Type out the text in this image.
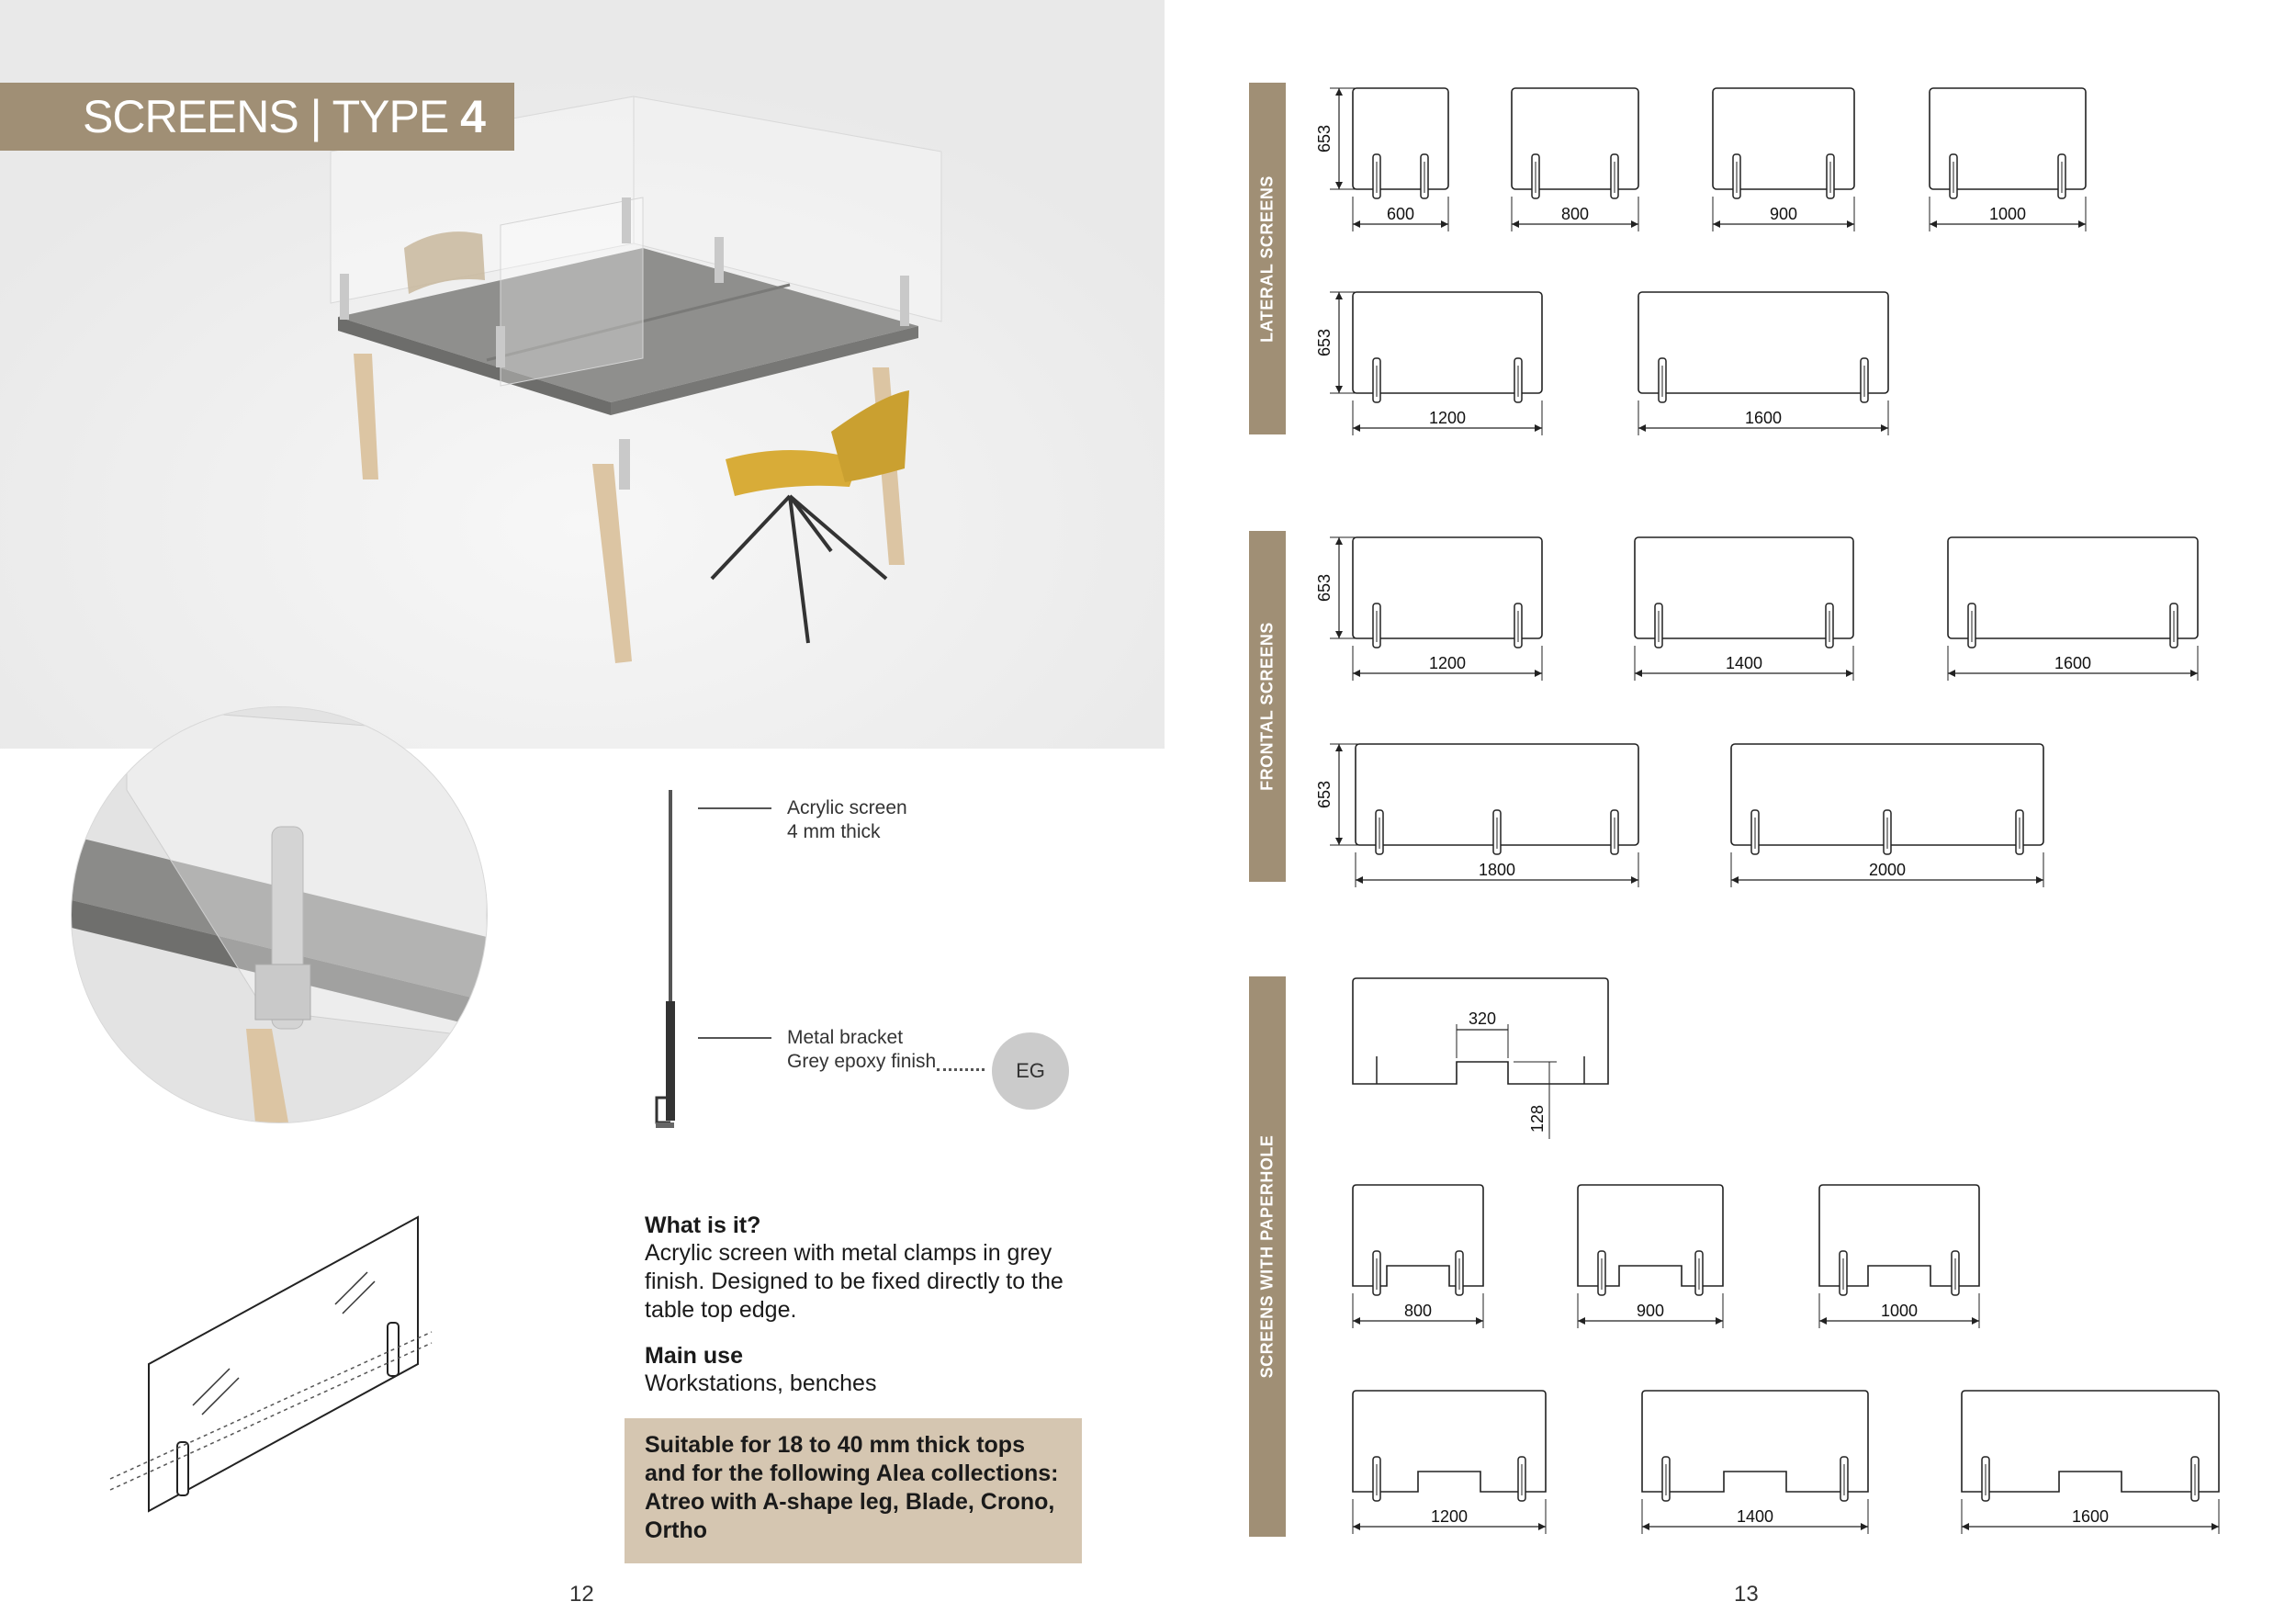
SCREENS | TYPE 4
Acrylic screen
4 mm thick
Metal bracket
Grey epoxy finish	EG
What is it?

Acrylic screen with metal clamps in grey finish. Designed to be fixed directly to the table top edge.

Main use

Workstations, benches

Suitable for 18 to 40 mm thick tops and for the following Alea collections: Atreo with A-shape leg, Blade, Crono, Ortho
12	13
LATERAL SCREENS
FRONTAL SCREENS
SCREENS WITH PAPERHOLE
653
653
600	800	900	1000
1200	1600
653
653
1200	1400	1600
1800	2000
320
128
800	900	1000
1200	1400	1600
